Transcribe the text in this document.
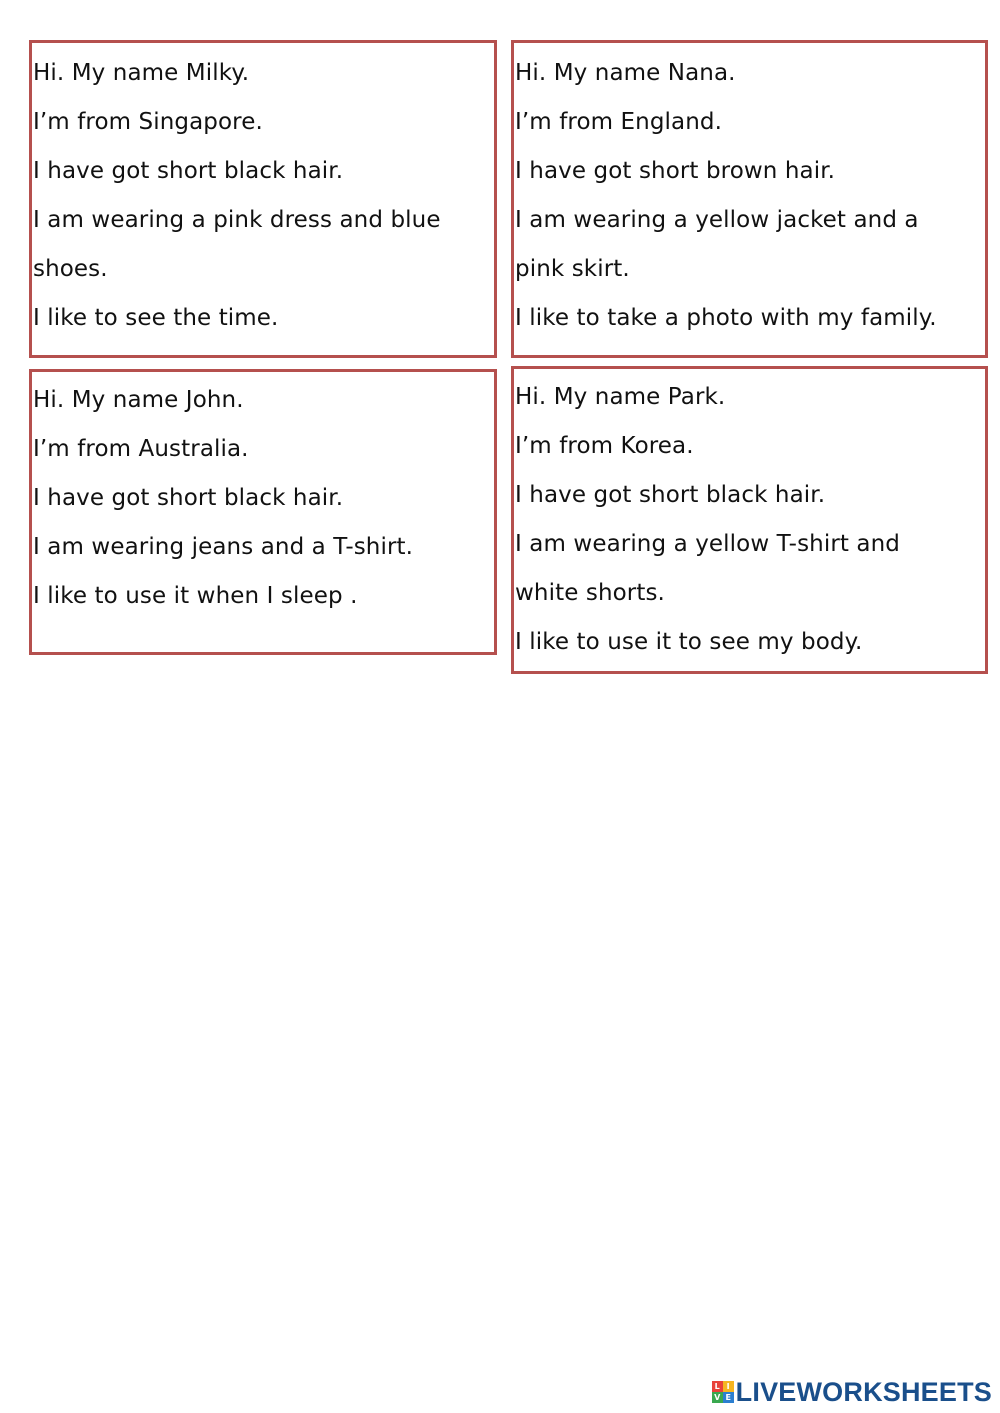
Hi. My name Milky.
I’m from Singapore.
I have got short black hair.
I am wearing a pink dress and blue
shoes.
I like to see the time.
Hi. My name Nana.
I’m from England.
I have got short brown hair.
I am wearing a yellow jacket and a
pink skirt.
I like to take a photo with my family.
Hi. My name John.
I’m from Australia.
I have got short black hair.
I am wearing jeans and a T-shirt.
I like to use it when I sleep .
Hi. My name Park.
I’m from Korea.
I have got short black hair.
I am wearing a yellow T-shirt and
white shorts.
I like to use it to see my body.
L I
V E LIVEWORKSHEETS
